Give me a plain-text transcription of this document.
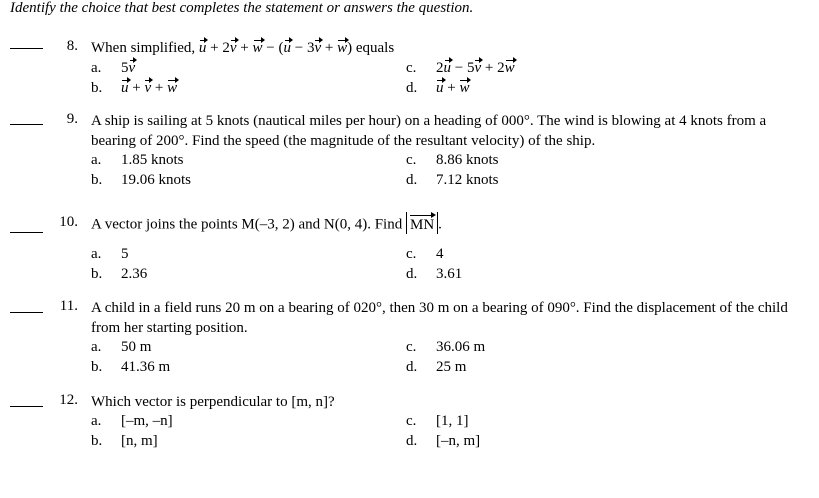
Identify the choice that best completes the statement or answers the question.
8. When simplified, u + 2v + w − (u − 3v + w) equals
a. 5v	c. 2u − 5v + 2w
b. u + v + w	d. u + w
9. A ship is sailing at 5 knots (nautical miles per hour) on a heading of 000°. The wind is blowing at 4 knots from a bearing of 200°. Find the speed (the magnitude of the resultant velocity) of the ship.
a. 1.85 knots	c. 8.86 knots
b. 19.06 knots	d. 7.12 knots
10. A vector joins the points M(–3, 2) and N(0, 4). Find MN .
a. 5	c. 4
b. 2.36	d. 3.61
11. A child in a field runs 20 m on a bearing of 020°, then 30 m on a bearing of 090°. Find the displacement of the child from her starting position.
a. 50 m	c. 36.06 m
b. 41.36 m	d. 25 m
12. Which vector is perpendicular to [m, n]?
a. [–m, –n]	c. [1, 1]
b. [n, m]	d. [–n, m]
